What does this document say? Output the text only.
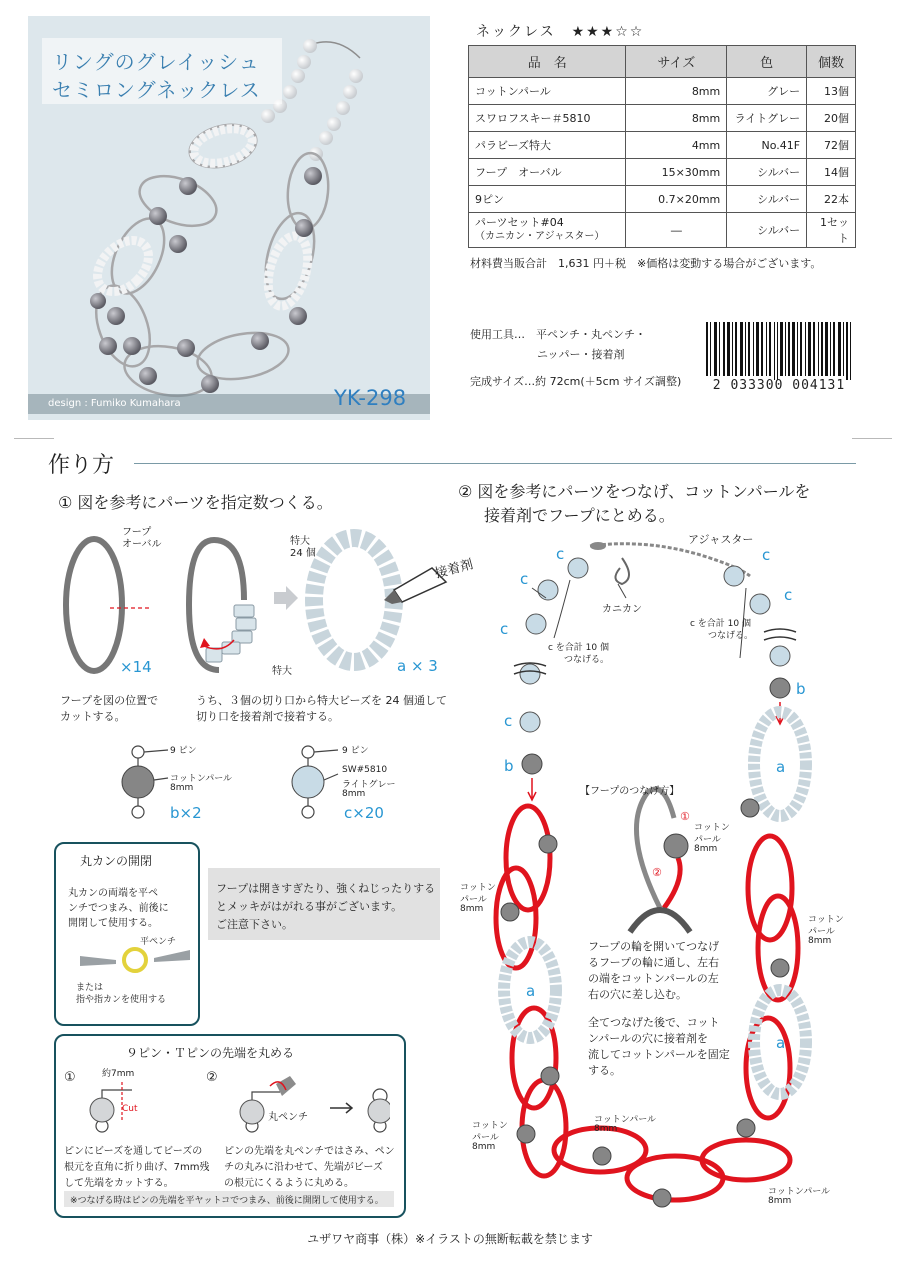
リングのグレイッシュ
セミロングネックレス
design : Fumiko Kumahara	YK-298
ネックレス　★★★☆☆
品　名	サイズ	色	個数
コットンパール	8mm	グレー	13個
スワロフスキー＃5810	8mm	ライトグレー	20個
パラビーズ特大	4mm	No.41F	72個
フープ　オーバル	15×30mm	シルバー	14個
9ピン	0.7×20mm	シルバー	22本

パーツセット#04
（カニカン・アジャスター）	―	シルバー	1セット
材料費当販合計　1,631 円＋税　※価格は変動する場合がございます。
使用工具…　平ペンチ・丸ペンチ・
ニッパー・接着剤
完成サイズ…約 72cm(＋5cm サイズ調整)	2 033300 004131
作り方
① 図を参考にパーツを指定数つくる。
フープ
オーバル
×14	特大
特大
24 個
接着剤
a × 3
フープを図の位置で
カットする。
うち、３個の切り口から特大ビーズを 24 個通して
切り口を接着剤で接着する。
9 ピン
コットンパール
8mm
b×2
9 ピン
SW#5810
ライトグレー
8mm
c×20
丸カンの開閉
丸カンの両端を平ペ
ンチでつまみ、前後に
開閉して使用する。
平ペンチ
または
指や指カンを使用する
フープは開きすぎたり、強くねじったりする
とメッキがはがれる事がございます。
ご注意下さい。
９ピン・Ｔピンの先端を丸める
①	②
約7mm
Cut
丸ペンチ
ピンにビーズを通してビーズの
根元を直角に折り曲げ、7mm残
して先端をカットする。
ピンの先端を丸ペンチではさみ、ペン
チの丸みに沿わせて、先端がビーズ
の根元にくるように丸める。
※つなげる時はピンの先端を平ヤットコでつまみ、前後に開閉して使用する。
② 図を参考にパーツをつなげ、コットンパールを
接着剤でフープにとめる。
アジャスター
カニカン
c を合計 10 個
つなげる。
c を合計 10 個
つなげる。
c
c
c
c
c
c
b
b
a
a
a
【フープのつなげ方】
コットン
パール
8mm
①
②
フープの輪を開いてつなげ
るフープの輪に通し、左右
の端をコットンパールの左
右の穴に差し込む。
全てつなげた後で、コット
ンパールの穴に接着剤を
流してコットンパールを固定
する。
コットン
パール
8mm
コットン
パール
8mm
コットン
パール
8mm
コットンパール
8mm
コットンパール
8mm
ユザワヤ商事（株）※イラストの無断転載を禁じます
